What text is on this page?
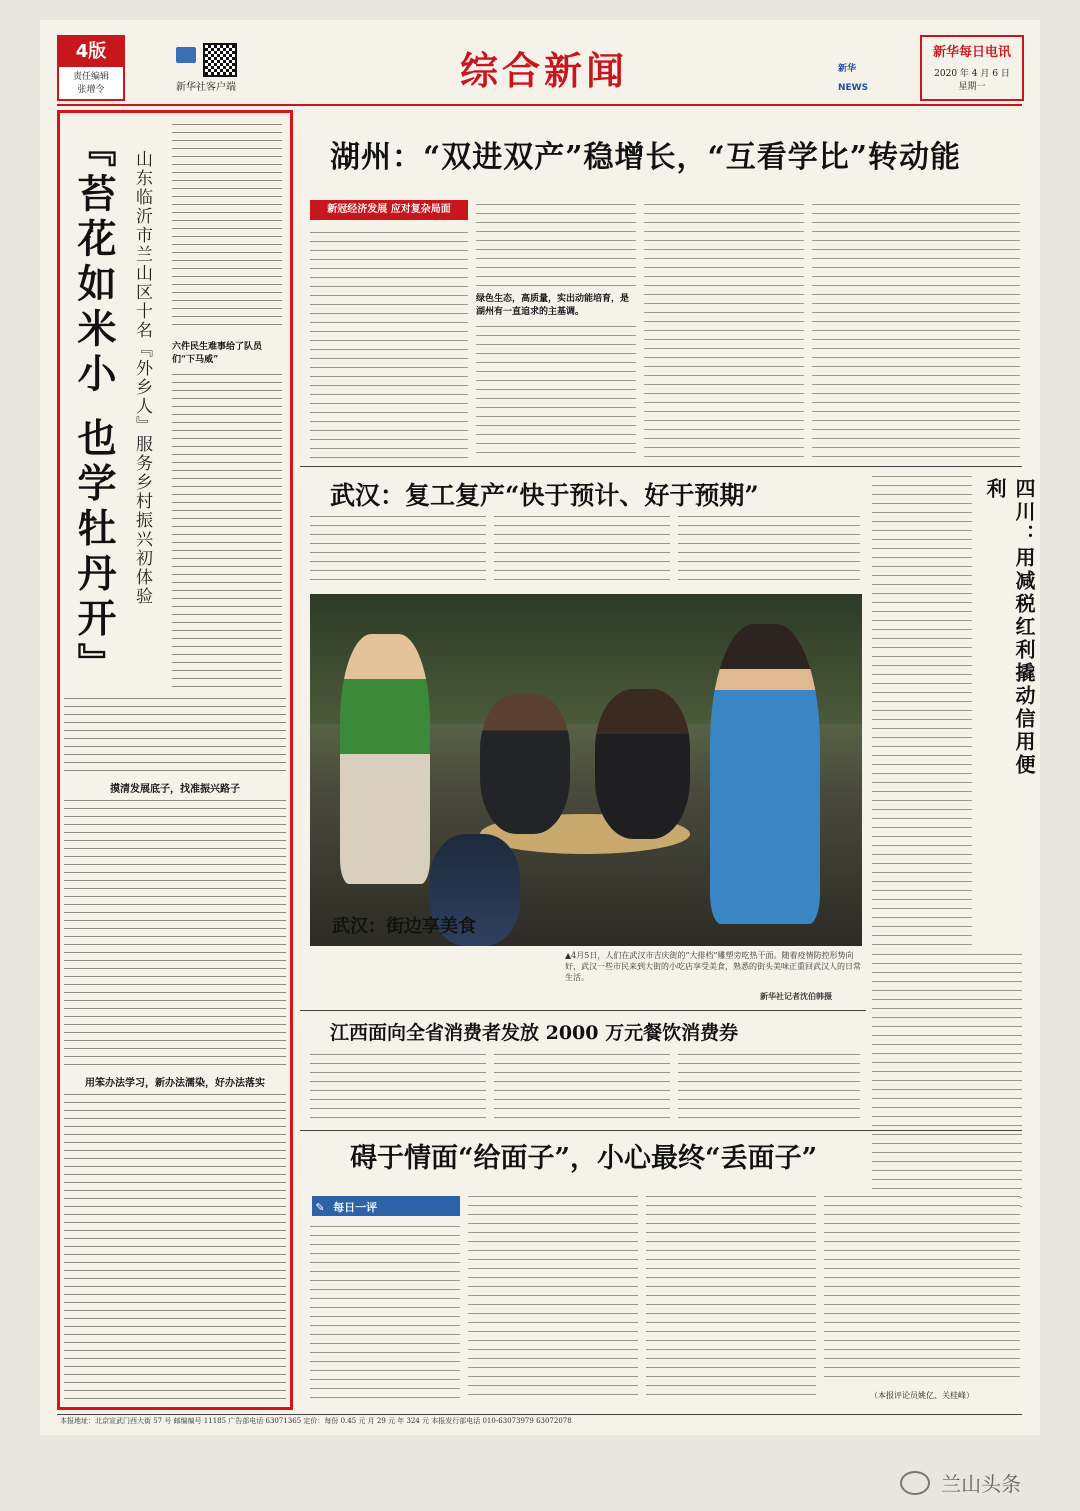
4版
责任编辑
张增令	新华社客户端	综合新闻	新华NEWS
新华每日电讯
2020 年 4 月 6 日
星期一
『苔花如米小 也学牡丹开』 山东临沂市兰山区十名『外乡人』服务乡村振兴初体验 六件民生难事给了队员们“下马威”
摸清发展底子，找准振兴路子
用笨办法学习，新办法濡染，好办法落实
湖州：“双进双产”稳增长，“互看学比”转动能
新冠经济发展 应对复杂局面
绿色生态，高质量，实出动能培育，是湖州有一直追求的主基调。
四川：用减税红利撬动信用便利
武汉：复工复产“快于预计、好于预期”
武汉：街边享美食
▲4月5日，人们在武汉市吉庆街的“大排档”雕塑旁吃热干面。随着疫情防控形势向好，武汉一些市民来到大街的小吃店享受美食，熟悉的街头美味正重回武汉人的日常生活。
新华社记者沈伯韩摄
江西面向全省消费者发放 2000 万元餐饮消费券
碍于情面“给面子”，小心最终“丢面子”
✎ 每日一评
（本报评论员姚亿、关桂峰）
本报地址：北京宣武门西大街 57 号 邮编编号 11185 广告部电话 63071365 定价：每份 0.45 元 月 29 元 年 324 元 本报发行部电话 010-63073979 63072078
兰山头条
